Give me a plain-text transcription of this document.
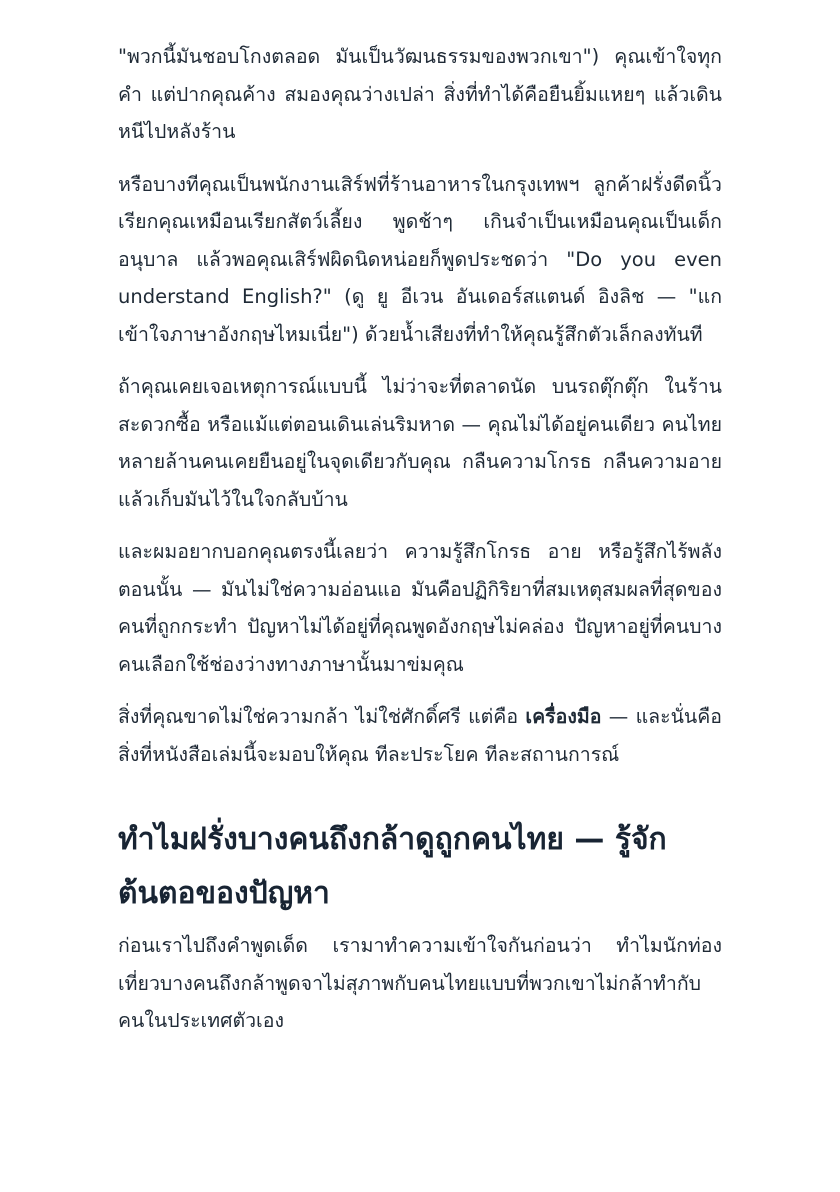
"พวกนี้มันชอบโกงตลอด มันเป็นวัฒนธรรมของพวกเขา") คุณเข้าใจทุกคำ แต่ปากคุณค้าง สมองคุณว่างเปล่า สิ่งที่ทำได้คือยืนยิ้มแหยๆ แล้วเดินหนีไปหลังร้าน

หรือบางทีคุณเป็นพนักงานเสิร์ฟที่ร้านอาหารในกรุงเทพฯ ลูกค้าฝรั่งดีดนิ้วเรียกคุณเหมือนเรียกสัตว์เลี้ยง พูดช้าๆ เกินจำเป็นเหมือนคุณเป็นเด็กอนุบาล แล้วพอคุณเสิร์ฟผิดนิดหน่อยก็พูดประชดว่า "Do you even understand English?" (ดู ยู อีเวน อันเดอร์สแตนด์ อิงลิช — "แกเข้าใจภาษาอังกฤษไหมเนี่ย") ด้วยน้ำเสียงที่ทำให้คุณรู้สึกตัวเล็กลงทันที

ถ้าคุณเคยเจอเหตุการณ์แบบนี้ ไม่ว่าจะที่ตลาดนัด บนรถตุ๊กตุ๊ก ในร้านสะดวกซื้อ หรือแม้แต่ตอนเดินเล่นริมหาด — คุณไม่ได้อยู่คนเดียว คนไทยหลายล้านคนเคยยืนอยู่ในจุดเดียวกับคุณ กลืนความโกรธ กลืนความอาย แล้วเก็บมันไว้ในใจกลับบ้าน

และผมอยากบอกคุณตรงนี้เลยว่า ความรู้สึกโกรธ อาย หรือรู้สึกไร้พลังตอนนั้น — มันไม่ใช่ความอ่อนแอ มันคือปฏิกิริยาที่สมเหตุสมผลที่สุดของคนที่ถูกกระทำ ปัญหาไม่ได้อยู่ที่คุณพูดอังกฤษไม่คล่อง ปัญหาอยู่ที่คนบางคนเลือกใช้ช่องว่างทางภาษานั้นมาข่มคุณ

สิ่งที่คุณขาดไม่ใช่ความกล้า ไม่ใช่ศักดิ์ศรี แต่คือ เครื่องมือ — และนั่นคือสิ่งที่หนังสือเล่มนี้จะมอบให้คุณ ทีละประโยค ทีละสถานการณ์

ทำไมฝรั่งบางคนถึงกล้าดูถูกคนไทย — รู้จักต้นตอของปัญหา

ก่อนเราไปถึงคำพูดเด็ด เรามาทำความเข้าใจกันก่อนว่า ทำไมนักท่องเที่ยวบางคนถึงกล้าพูดจาไม่สุภาพกับคนไทยแบบที่พวกเขาไม่กล้าทำกับคนในประเทศตัวเอง
